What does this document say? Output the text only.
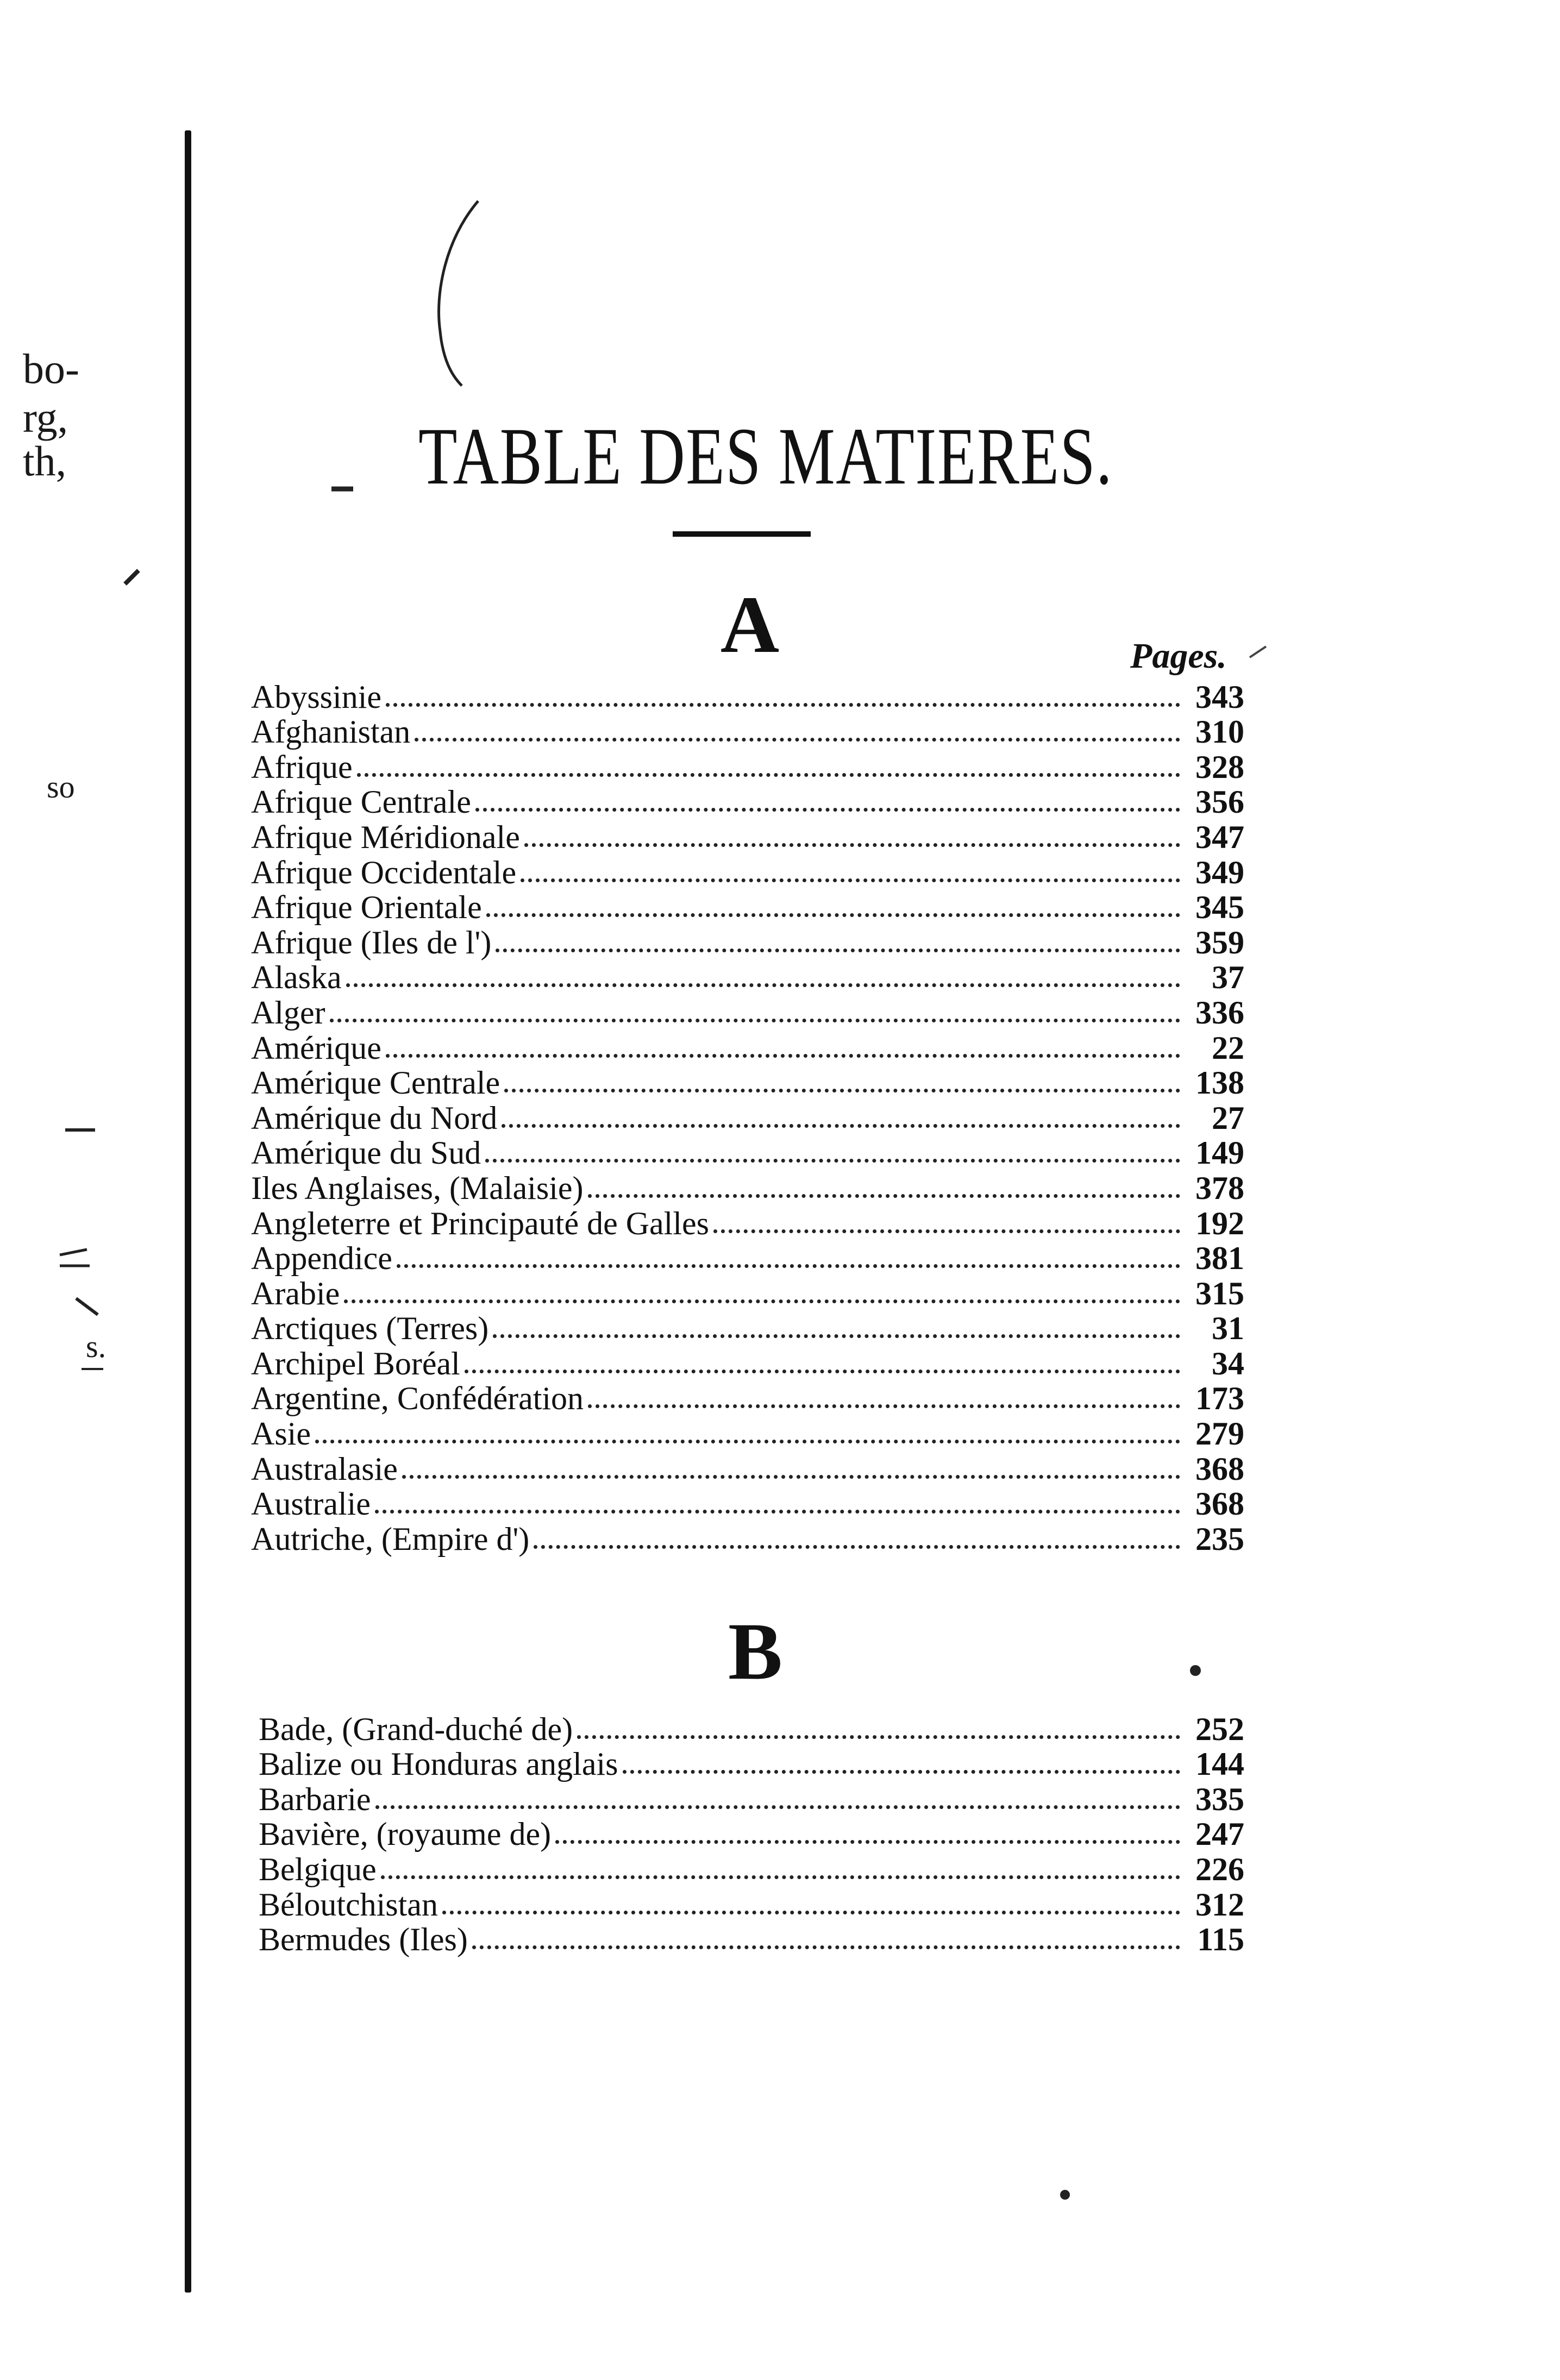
bo-
rg,
th,
so
s.
TABLE DES MATIERES.
A	Pages.
Abyssinie	343
Afghanistan	310
Afrique	328
Afrique Centrale	356
Afrique Méridionale	347
Afrique Occidentale	349
Afrique Orientale	345
Afrique (Iles de l')	359
Alaska	37
Alger	336
Amérique	22
Amérique Centrale	138
Amérique du Nord	27
Amérique du Sud	149
Iles Anglaises, (Malaisie)	378
Angleterre et Principauté de Galles	192
Appendice	381
Arabie	315
Arctiques (Terres)	31
Archipel Boréal	34
Argentine, Confédération	173
Asie	279
Australasie	368
Australie	368
Autriche, (Empire d')	235
B
Bade, (Grand-duché de)	252
Balize ou Honduras anglais	144
Barbarie	335
Bavière, (royaume de)	247
Belgique	226
Béloutchistan	312
Bermudes (Iles)	115
